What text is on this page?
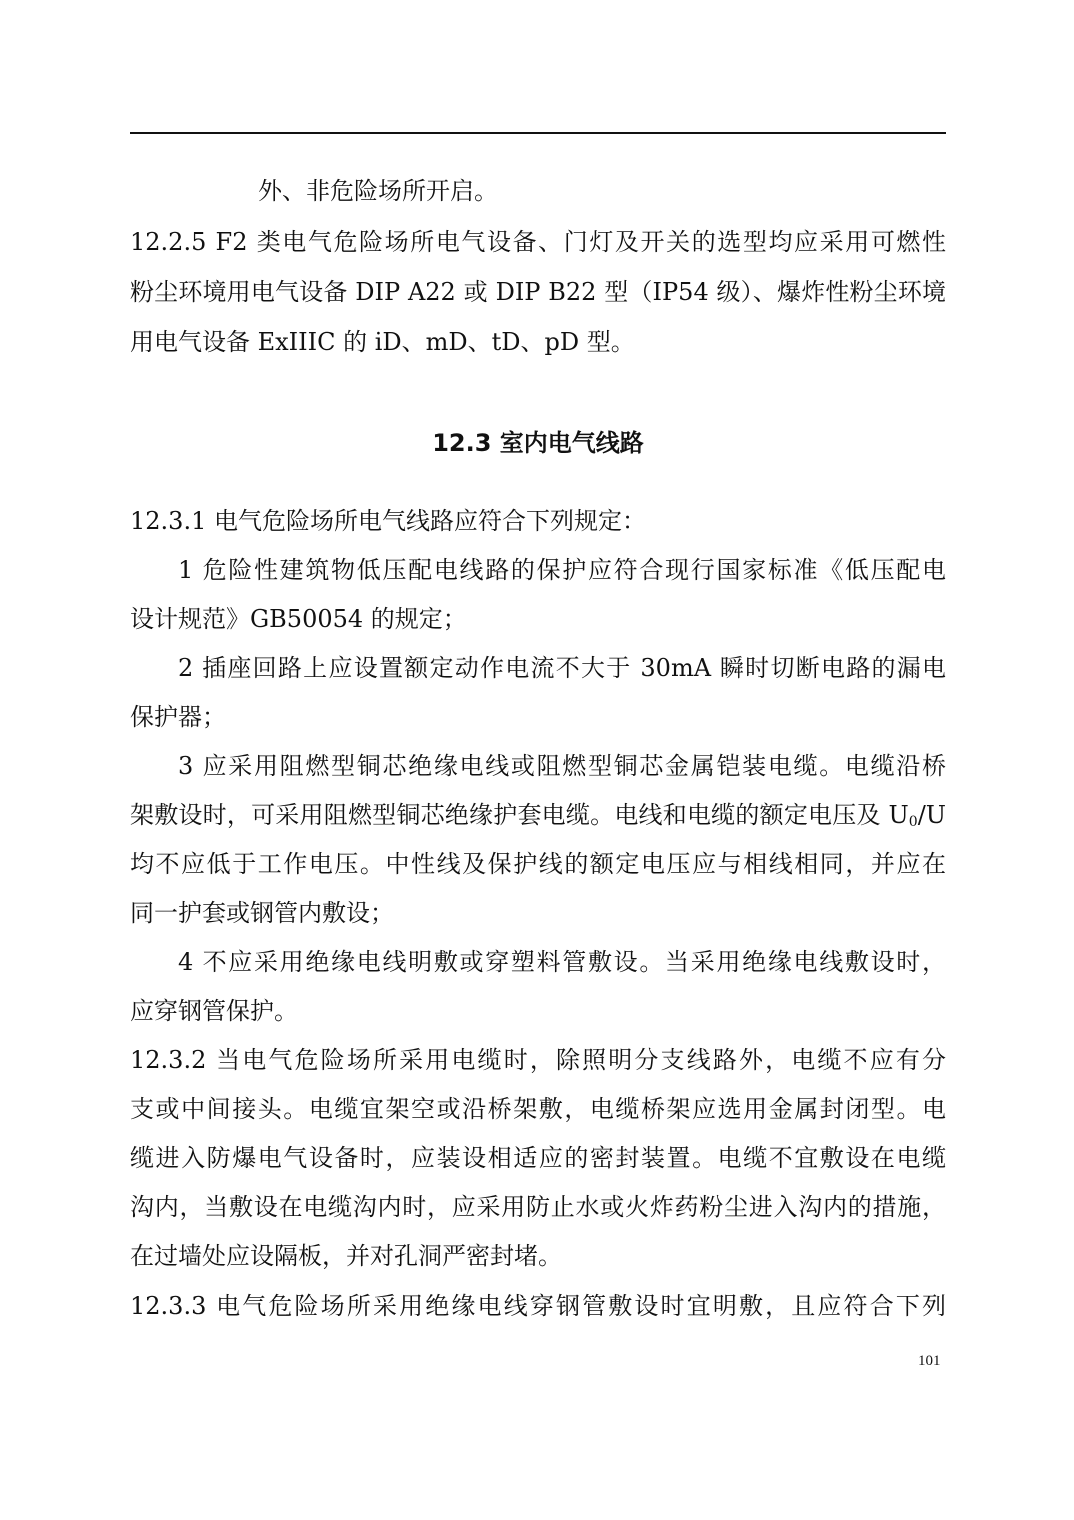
外、非危险场所开启。
12.2.5 F2 类电气危险场所电气设备、门灯及开关的选型均应采用可燃性
粉尘环境用电气设备 DIP A22 或 DIP B22 型（IP54 级）、爆炸性粉尘环境
用电气设备 ExIIIC 的 iD、mD、tD、pD 型。
12.3 室内电气线路
12.3.1 电气危险场所电气线路应符合下列规定：
1 危险性建筑物低压配电线路的保护应符合现行国家标准《低压配电
设计规范》GB50054 的规定；
2 插座回路上应设置额定动作电流不大于 30mA 瞬时切断电路的漏电
保护器；
3 应采用阻燃型铜芯绝缘电线或阻燃型铜芯金属铠装电缆。电缆沿桥
架敷设时，可采用阻燃型铜芯绝缘护套电缆。电线和电缆的额定电压及 $U_0/U$
均不应低于工作电压。中性线及保护线的额定电压应与相线相同，并应在
同一护套或钢管内敷设；
4 不应采用绝缘电线明敷或穿塑料管敷设。当采用绝缘电线敷设时，
应穿钢管保护。
12.3.2 当电气危险场所采用电缆时，除照明分支线路外，电缆不应有分
支或中间接头。电缆宜架空或沿桥架敷，电缆桥架应选用金属封闭型。电
缆进入防爆电气设备时，应装设相适应的密封装置。电缆不宜敷设在电缆
沟内，当敷设在电缆沟内时，应采用防止水或火炸药粉尘进入沟内的措施，
在过墙处应设隔板，并对孔洞严密封堵。
12.3.3 电气危险场所采用绝缘电线穿钢管敷设时宜明敷，且应符合下列
101
